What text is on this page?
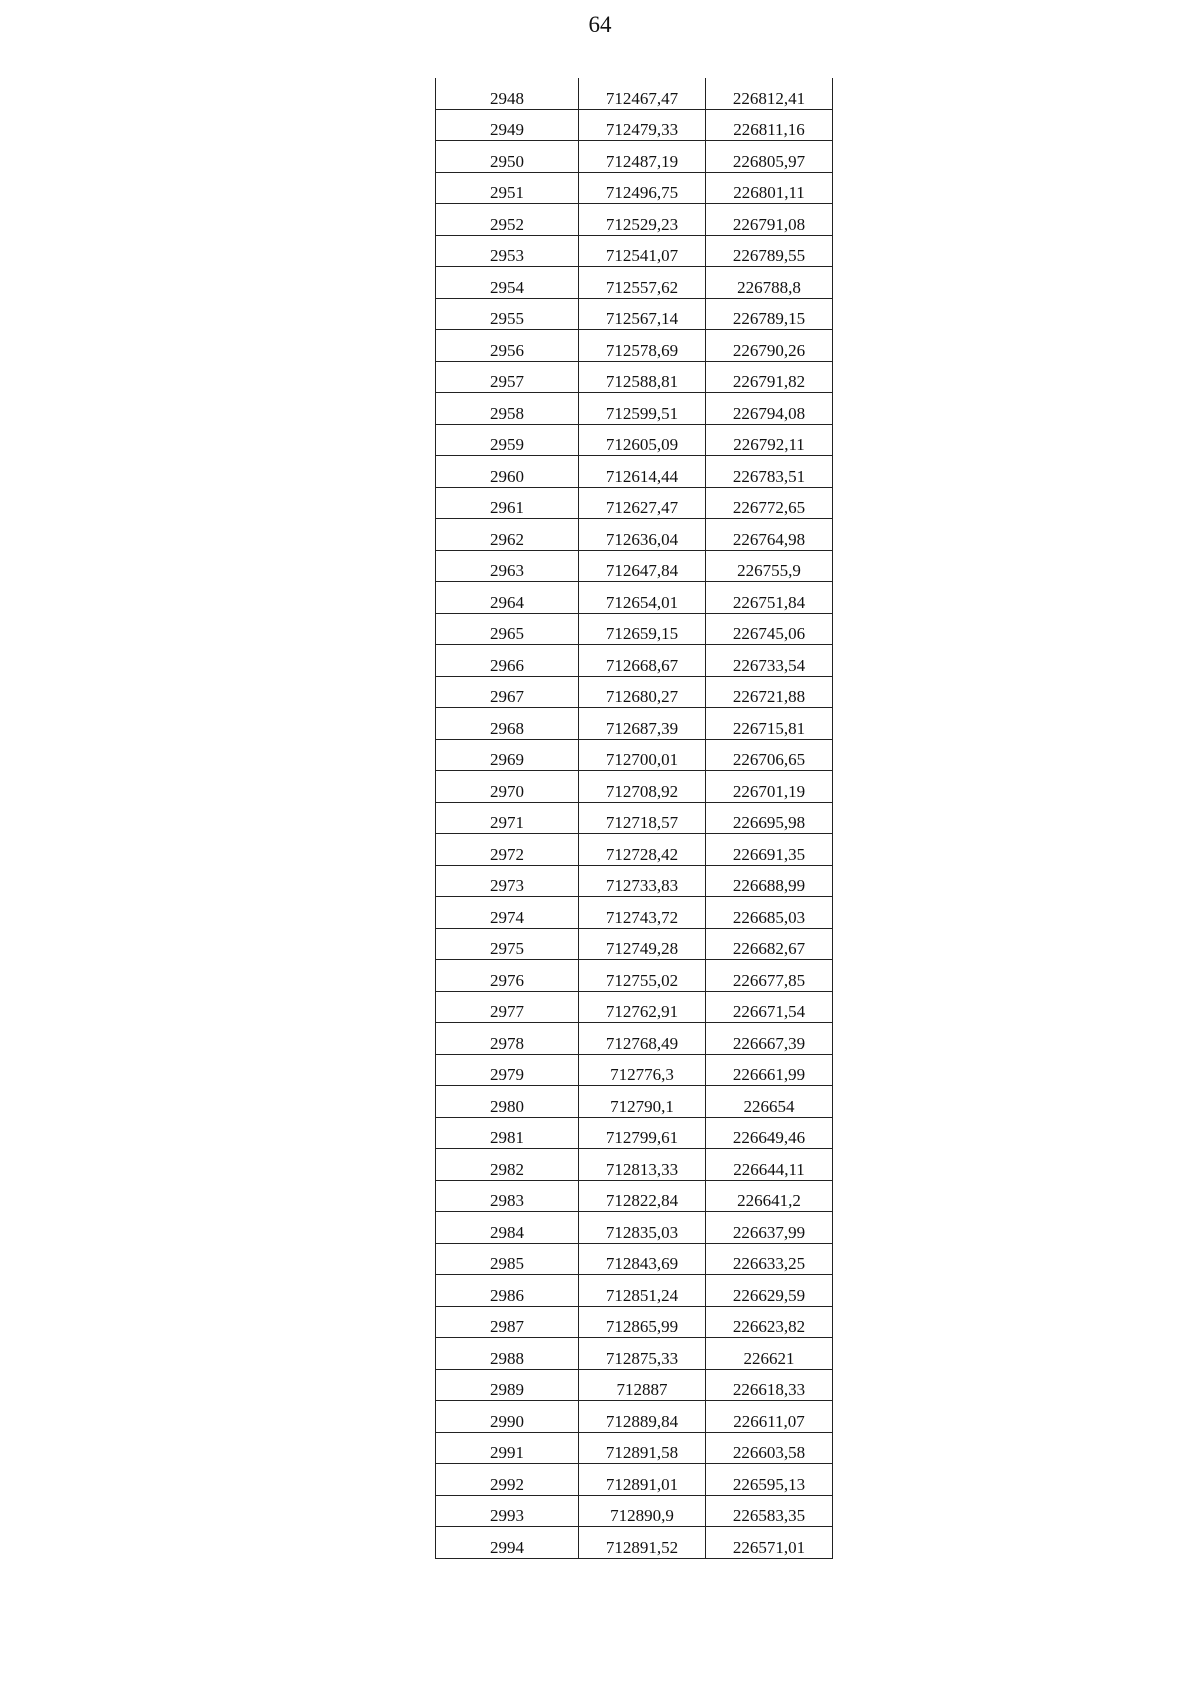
64
2948	712467,47	226812,41
2949	712479,33	226811,16
2950	712487,19	226805,97
2951	712496,75	226801,11
2952	712529,23	226791,08
2953	712541,07	226789,55
2954	712557,62	226788,8
2955	712567,14	226789,15
2956	712578,69	226790,26
2957	712588,81	226791,82
2958	712599,51	226794,08
2959	712605,09	226792,11
2960	712614,44	226783,51
2961	712627,47	226772,65
2962	712636,04	226764,98
2963	712647,84	226755,9
2964	712654,01	226751,84
2965	712659,15	226745,06
2966	712668,67	226733,54
2967	712680,27	226721,88
2968	712687,39	226715,81
2969	712700,01	226706,65
2970	712708,92	226701,19
2971	712718,57	226695,98
2972	712728,42	226691,35
2973	712733,83	226688,99
2974	712743,72	226685,03
2975	712749,28	226682,67
2976	712755,02	226677,85
2977	712762,91	226671,54
2978	712768,49	226667,39
2979	712776,3	226661,99
2980	712790,1	226654
2981	712799,61	226649,46
2982	712813,33	226644,11
2983	712822,84	226641,2
2984	712835,03	226637,99
2985	712843,69	226633,25
2986	712851,24	226629,59
2987	712865,99	226623,82
2988	712875,33	226621
2989	712887	226618,33
2990	712889,84	226611,07
2991	712891,58	226603,58
2992	712891,01	226595,13
2993	712890,9	226583,35
2994	712891,52	226571,01
